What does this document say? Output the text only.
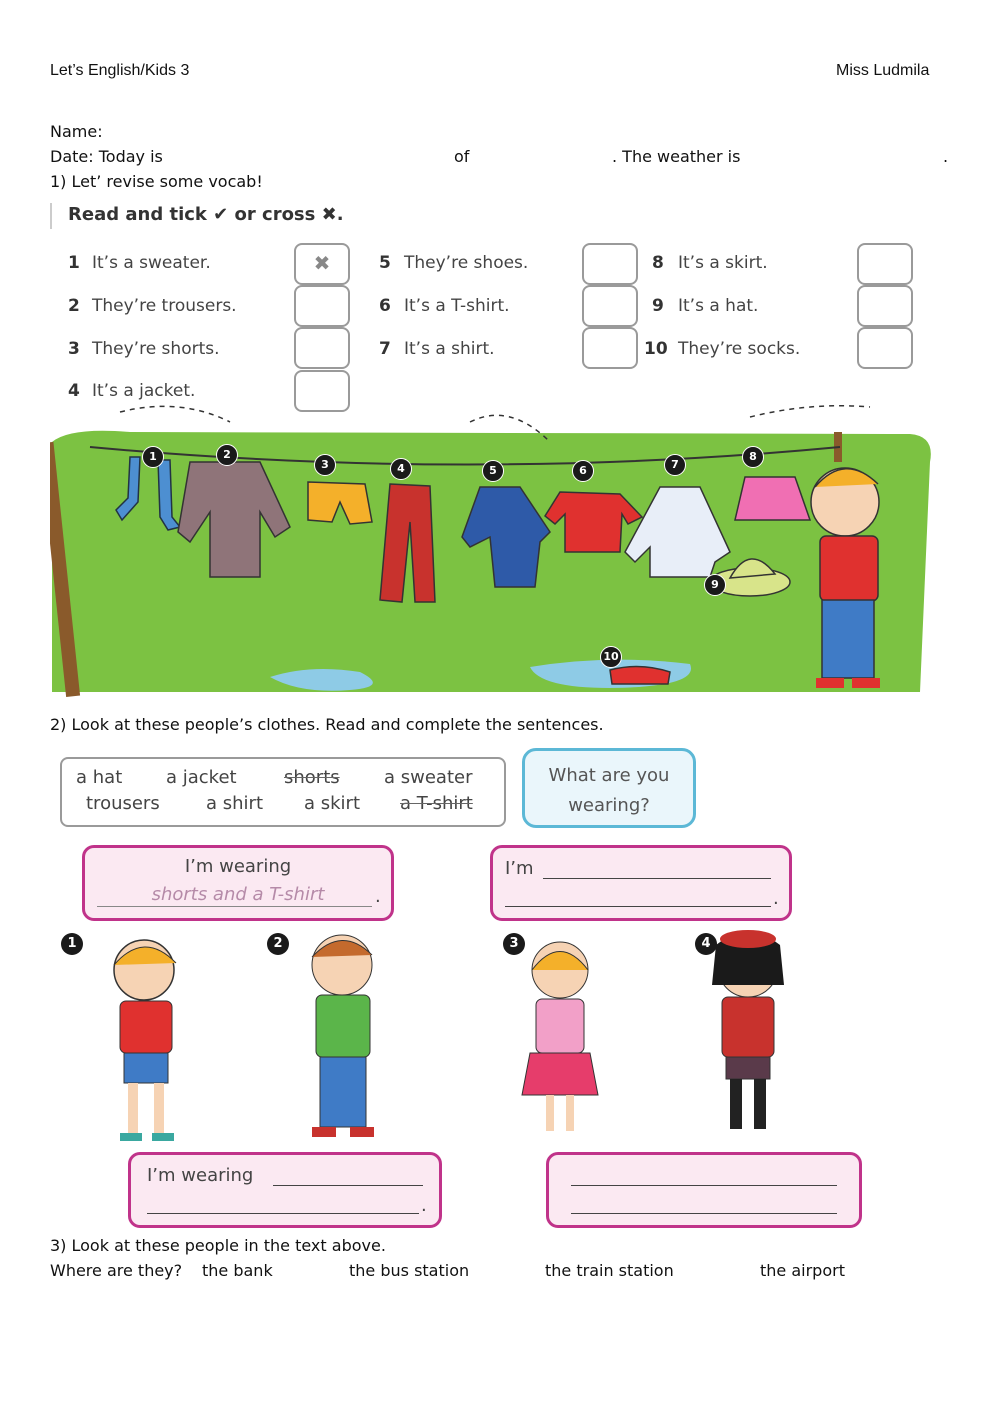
Let’s English/Kids 3	Miss Ludmila
Name:
Date: Today is	of	. The weather is	.
1) Let’ revise some vocab!
Read and tick ✔ or cross ✖.
1 It’s a sweater.	✖
2 They’re trousers.
3 They’re shorts.
4 It’s a jacket.
5 They’re shoes.
6 It’s a T-shirt.
7 It’s a shirt.
8 It’s a skirt.
9 It’s a hat.
10 They’re socks.
1	2
3	4	5	6	7
8
9
10
2) Look at these people’s clothes. Read and complete the sentences.
a hat a jacket	shorts a sweater
trousers	a shirt a skirt a T-shirt
What are you wearing?
I’m wearing
shorts and a T-shirt	.
I’m
.
1	2	3	4
I’m wearing
.
3) Look at these people in the text above.
Where are they? the bank	the bus station	the train station	the airport
